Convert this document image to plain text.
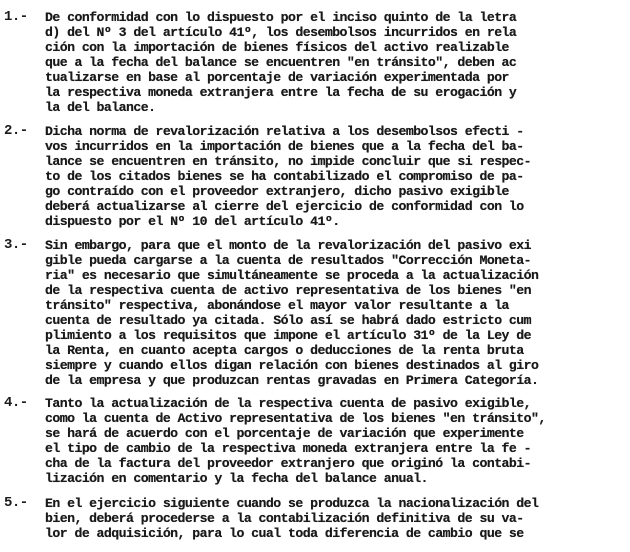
1.- De conformidad con lo dispuesto por el inciso quinto de la letra
d) del Nº 3 del artículo 41º, los desembolsos incurridos en rela
ción con la importación de bienes físicos del activo realizable
que a la fecha del balance se encuentren "en tránsito", deben ac
tualizarse en base al porcentaje de variación experimentada por
la respectiva moneda extranjera entre la fecha de su erogación y
la del balance.
2.- Dicha norma de revalorización relativa a los desembolsos efecti -
vos incurridos en la importación de bienes que a la fecha del ba-
lance se encuentren en tránsito, no impide concluir que si respec-
to de los citados bienes se ha contabilizado el compromiso de pa-
go contraído con el proveedor extranjero, dicho pasivo exigible
deberá actualizarse al cierre del ejercicio de conformidad con lo
dispuesto por el Nº 10 del artículo 41º.
3.- Sin embargo, para que el monto de la revalorización del pasivo exi
gible pueda cargarse a la cuenta de resultados "Corrección Moneta-
ria" es necesario que simultáneamente se proceda a la actualización
de la respectiva cuenta de activo representativa de los bienes "en
tránsito" respectiva, abonándose el mayor valor resultante a la
cuenta de resultado ya citada. Sólo así se habrá dado estricto cum
plimiento a los requisitos que impone el artículo 31º de la Ley de
la Renta, en cuanto acepta cargos o deducciones de la renta bruta
siempre y cuando ellos digan relación con bienes destinados al giro
de la empresa y que produzcan rentas gravadas en Primera Categoría.
4.- Tanto la actualización de la respectiva cuenta de pasivo exigible,
como la cuenta de Activo representativa de los bienes "en tránsito",
se hará de acuerdo con el porcentaje de variación que experimente
el tipo de cambio de la respectiva moneda extranjera entre la fe -
cha de la factura del proveedor extranjero que originó la contabi-
lización en comentario y la fecha del balance anual.
5.- En el ejercicio siguiente cuando se produzca la nacionalización del
bien, deberá procederse a la contabilización definitiva de su va-
lor de adquisición, para lo cual toda diferencia de cambio que se
